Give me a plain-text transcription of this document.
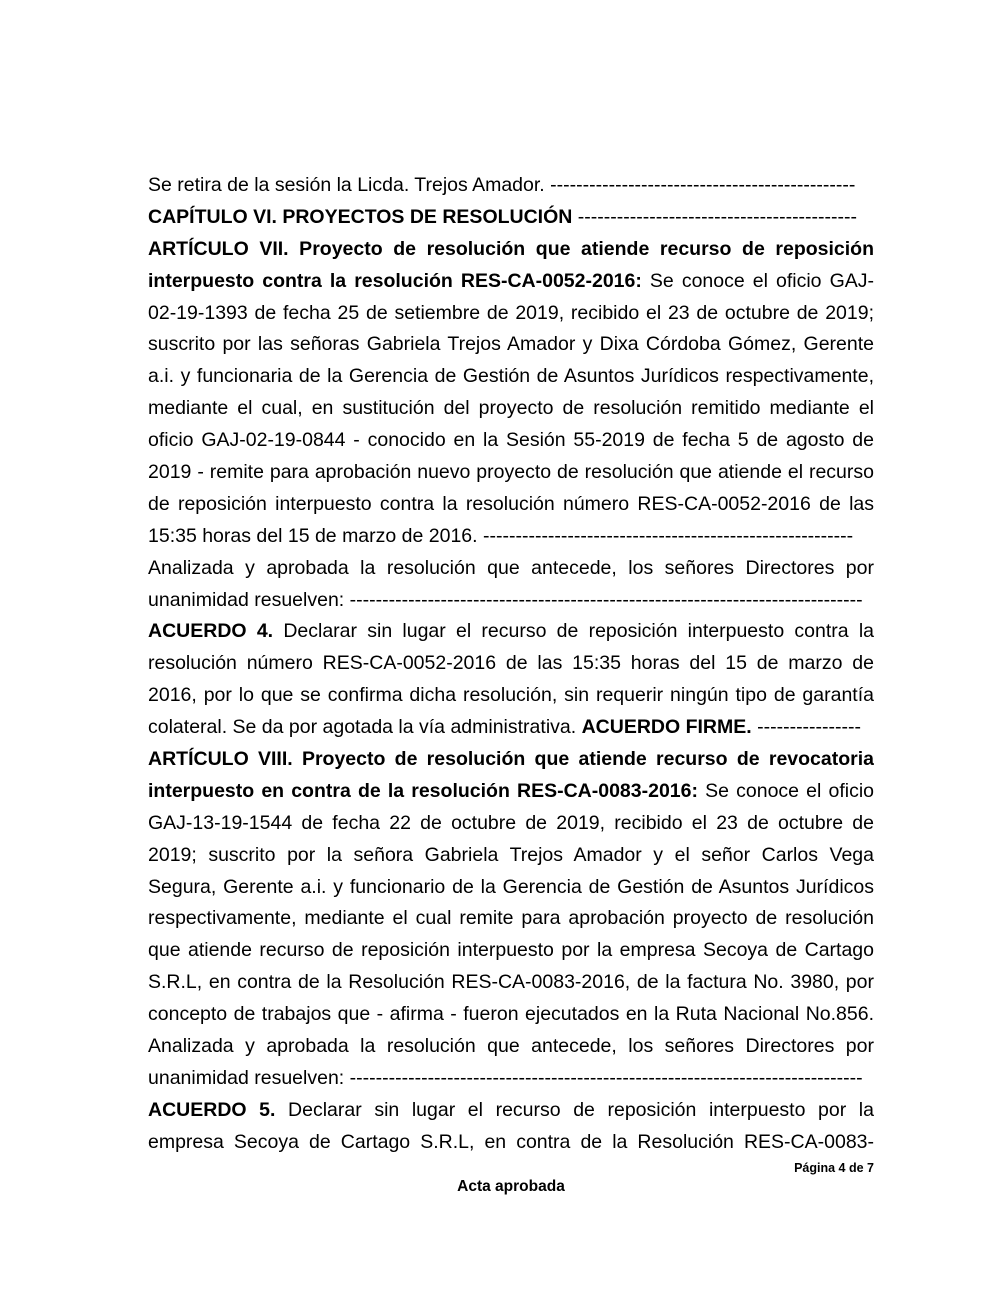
Se retira de la sesión la Licda. Trejos Amador. -----------------------------------------------
CAPÍTULO VI. PROYECTOS DE RESOLUCIÓN -------------------------------------------
ARTÍCULO VII. Proyecto de resolución que atiende recurso de reposición
interpuesto contra la resolución RES-CA-0052-2016: Se conoce el oficio GAJ-
02-19-1393 de fecha 25 de setiembre de 2019, recibido el 23 de octubre de 2019;
suscrito por las señoras Gabriela Trejos Amador y Dixa Córdoba Gómez, Gerente
a.i. y funcionaria de la Gerencia de Gestión de Asuntos Jurídicos respectivamente,
mediante el cual, en sustitución del proyecto de resolución remitido mediante el
oficio GAJ-02-19-0844 - conocido en la Sesión 55-2019 de fecha 5 de agosto de
2019 - remite para aprobación nuevo proyecto de resolución que atiende el recurso
de reposición interpuesto contra la resolución número RES-CA-0052-2016 de las
15:35 horas del 15 de marzo de 2016. ---------------------------------------------------------
Analizada y aprobada la resolución que antecede, los señores Directores por
unanimidad resuelven: -------------------------------------------------------------------------------
ACUERDO 4. Declarar sin lugar el recurso de reposición interpuesto contra la
resolución número RES-CA-0052-2016 de las 15:35 horas del 15 de marzo de
2016, por lo que se confirma dicha resolución, sin requerir ningún tipo de garantía
colateral. Se da por agotada la vía administrativa. ACUERDO FIRME. ----------------
ARTÍCULO VIII. Proyecto de resolución que atiende recurso de revocatoria
interpuesto en contra de la resolución RES-CA-0083-2016: Se conoce el oficio
GAJ-13-19-1544 de fecha 22 de octubre de 2019, recibido el 23 de octubre de
2019; suscrito por la señora Gabriela Trejos Amador y el señor Carlos Vega
Segura, Gerente a.i. y funcionario de la Gerencia de Gestión de Asuntos Jurídicos
respectivamente, mediante el cual remite para aprobación proyecto de resolución
que atiende recurso de reposición interpuesto por la empresa Secoya de Cartago
S.R.L, en contra de la Resolución RES-CA-0083-2016, de la factura No. 3980, por
concepto de trabajos que - afirma - fueron ejecutados en la Ruta Nacional No.856.
Analizada y aprobada la resolución que antecede, los señores Directores por
unanimidad resuelven: -------------------------------------------------------------------------------
ACUERDO 5. Declarar sin lugar el recurso de reposición interpuesto por la
empresa Secoya de Cartago S.R.L, en contra de la Resolución RES-CA-0083-
Página 4 de 7
Acta aprobada
